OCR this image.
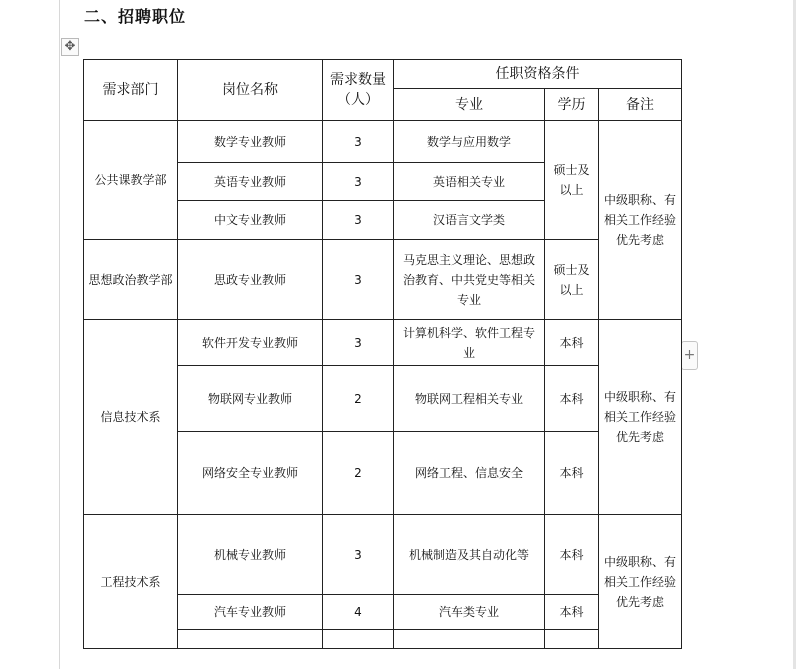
二、招聘职位
✥
+
需求部门	岗位名称	需求数量（人）	任职资格条件		
			专业	学历	备注
公共课教学部	数学专业教师	3	数学与应用数学	硕士及以上	中级职称、有相关工作经验优先考虑
	英语专业教师	3	英语相关专业		
	中文专业教师	3	汉语言文学类		
思想政治教学部	思政专业教师	3	马克思主义理论、思想政治教育、中共党史等相关专业	硕士及以上	
信息技术系	软件开发专业教师	3	计算机科学、软件工程专业	本科	中级职称、有相关工作经验优先考虑
	物联网专业教师	2	物联网工程相关专业	本科	
	网络安全专业教师	2	网络工程、信息安全	本科	
工程技术系	机械专业教师	3	机械制造及其自动化等	本科	中级职称、有相关工作经验优先考虑
	汽车专业教师	4	汽车类专业	本科	
